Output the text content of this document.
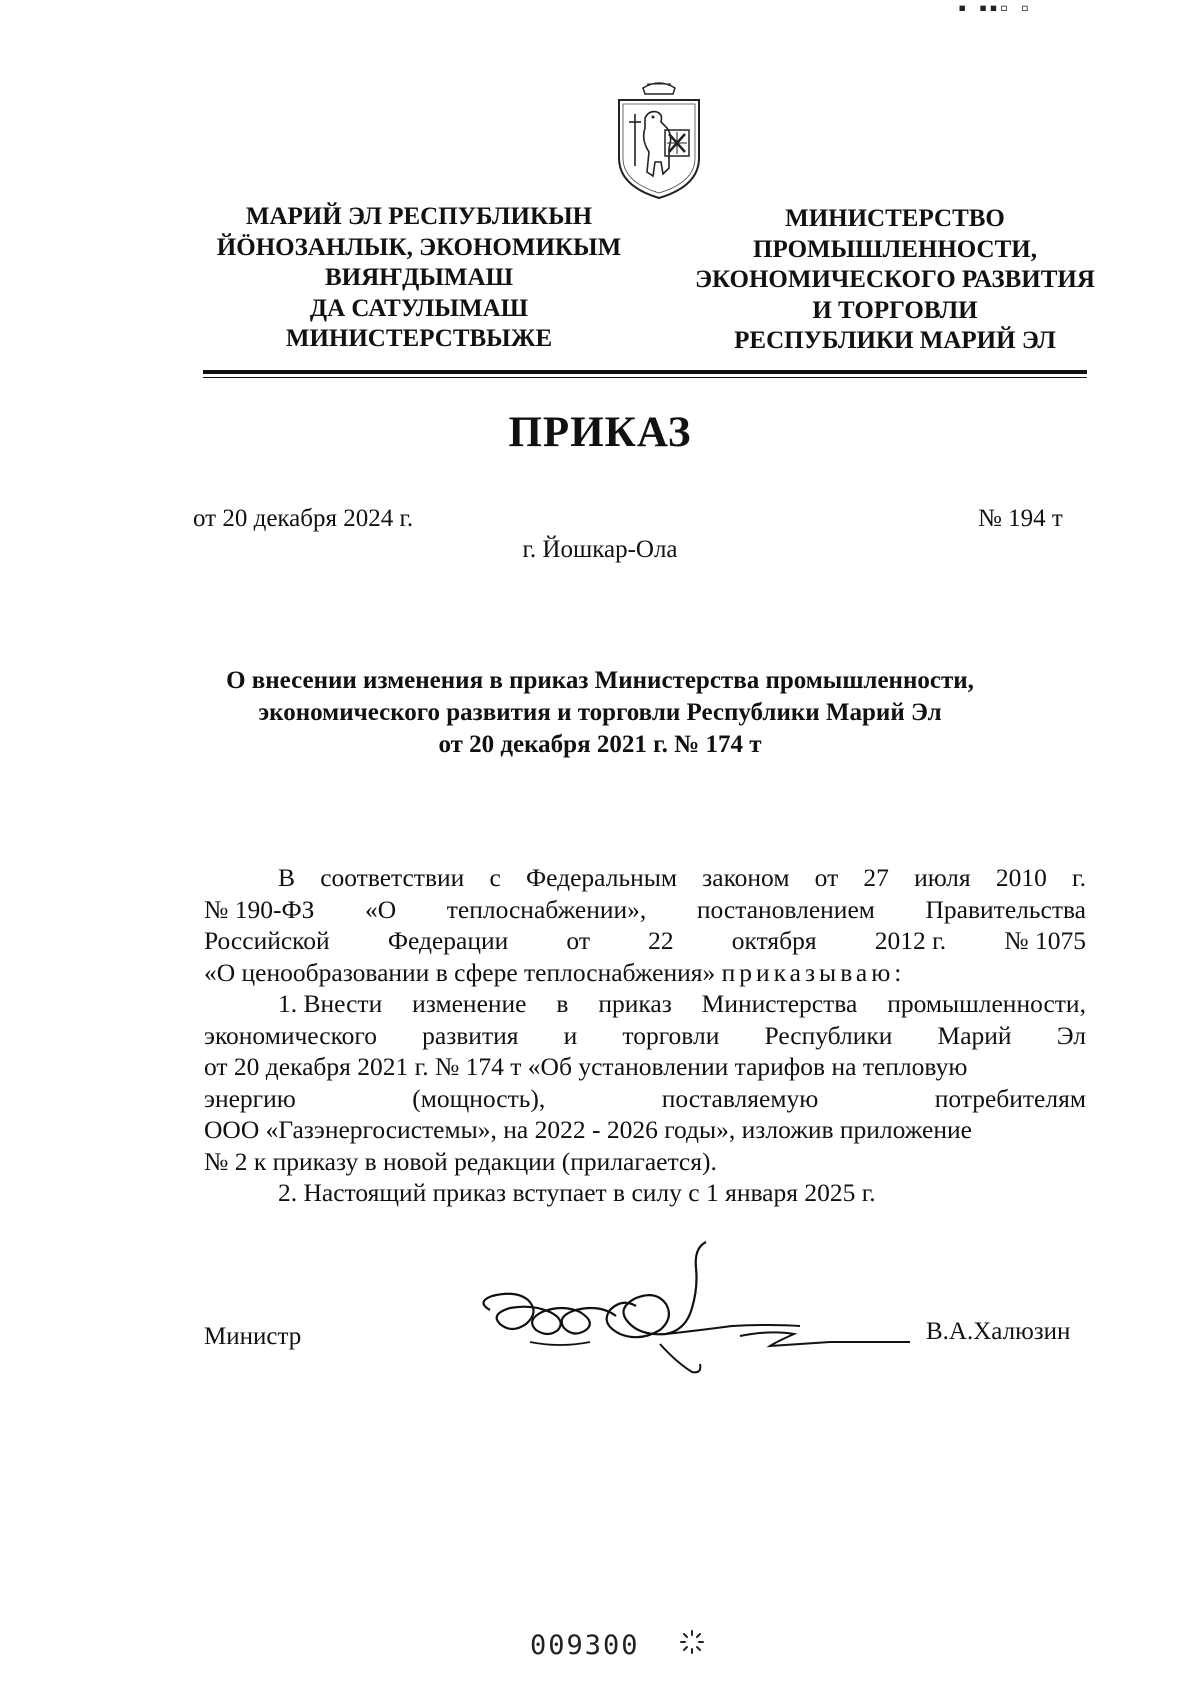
▪ ▪▪▫ ▫
МАРИЙ ЭЛ РЕСПУБЛИКЫН
ЙӦНОЗАНЛЫК, ЭКОНОМИКЫМ
ВИЯҤДЫМАШ
ДА САТУЛЫМАШ
МИНИСТЕРСТВЫЖЕ
МИНИСТЕРСТВО
ПРОМЫШЛЕННОСТИ,
ЭКОНОМИЧЕСКОГО РАЗВИТИЯ
И ТОРГОВЛИ
РЕСПУБЛИКИ МАРИЙ ЭЛ
ПРИКАЗ
от 20 декабря 2024 г.	№ 194 т
г. Йошкар-Ола
О внесении изменения в приказ Министерства промышленности,
экономического развития и торговли Республики Марий Эл
от 20 декабря 2021 г. № 174 т
В соответствии с Федеральным законом от 27 июля 2010 г.
№ 190-ФЗ «О теплоснабжении», постановлением Правительства
Российской Федерации от 22 октября 2012 г. № 1075
«О ценообразовании в сфере теплоснабжения» приказываю:
1. Внести изменение в приказ Министерства промышленности,
экономического развития и торговли Республики Марий Эл
от 20 декабря 2021 г. № 174 т «Об установлении тарифов на тепловую
энергию	(мощность),	поставляемую	потребителям
ООО «Газэнергосистемы», на 2022 - 2026 годы», изложив приложение
№ 2 к приказу в новой редакции (прилагается).
2. Настоящий приказ вступает в силу с 1 января 2025 г.
Министр	В.А.Халюзин
009300
